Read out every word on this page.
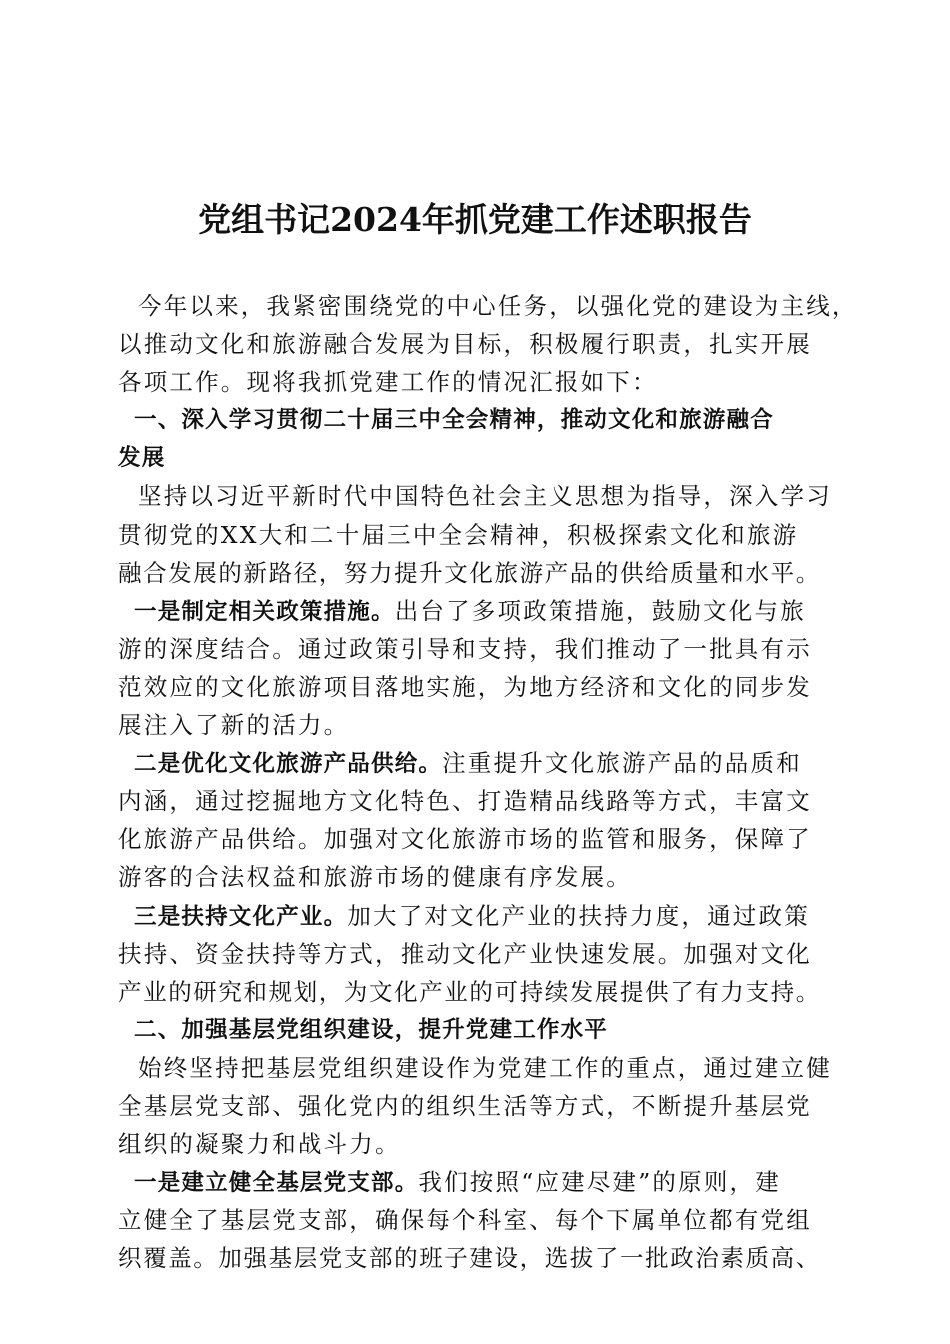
党组书记2024年抓党建工作述职报告
今年以来，我紧密围绕党的中心任务，以强化党的建设为主线，
以推动文化和旅游融合发展为目标，积极履行职责，扎实开展
各项工作。现将我抓党建工作的情况汇报如下：
一、深入学习贯彻二十届三中全会精神，推动文化和旅游融合
发展
坚持以习近平新时代中国特色社会主义思想为指导，深入学习
贯彻党的XX大和二十届三中全会精神，积极探索文化和旅游
融合发展的新路径，努力提升文化旅游产品的供给质量和水平。
一是制定相关政策措施。出台了多项政策措施，鼓励文化与旅
游的深度结合。通过政策引导和支持，我们推动了一批具有示
范效应的文化旅游项目落地实施，为地方经济和文化的同步发
展注入了新的活力。
二是优化文化旅游产品供给。注重提升文化旅游产品的品质和
内涵，通过挖掘地方文化特色、打造精品线路等方式，丰富文
化旅游产品供给。加强对文化旅游市场的监管和服务，保障了
游客的合法权益和旅游市场的健康有序发展。
三是扶持文化产业。加大了对文化产业的扶持力度，通过政策
扶持、资金扶持等方式，推动文化产业快速发展。加强对文化
产业的研究和规划，为文化产业的可持续发展提供了有力支持。
二、加强基层党组织建设，提升党建工作水平
始终坚持把基层党组织建设作为党建工作的重点，通过建立健
全基层党支部、强化党内的组织生活等方式，不断提升基层党
组织的凝聚力和战斗力。
一是建立健全基层党支部。我们按照“应建尽建”的原则，建
立健全了基层党支部，确保每个科室、每个下属单位都有党组
织覆盖。加强基层党支部的班子建设，选拔了一批政治素质高、
